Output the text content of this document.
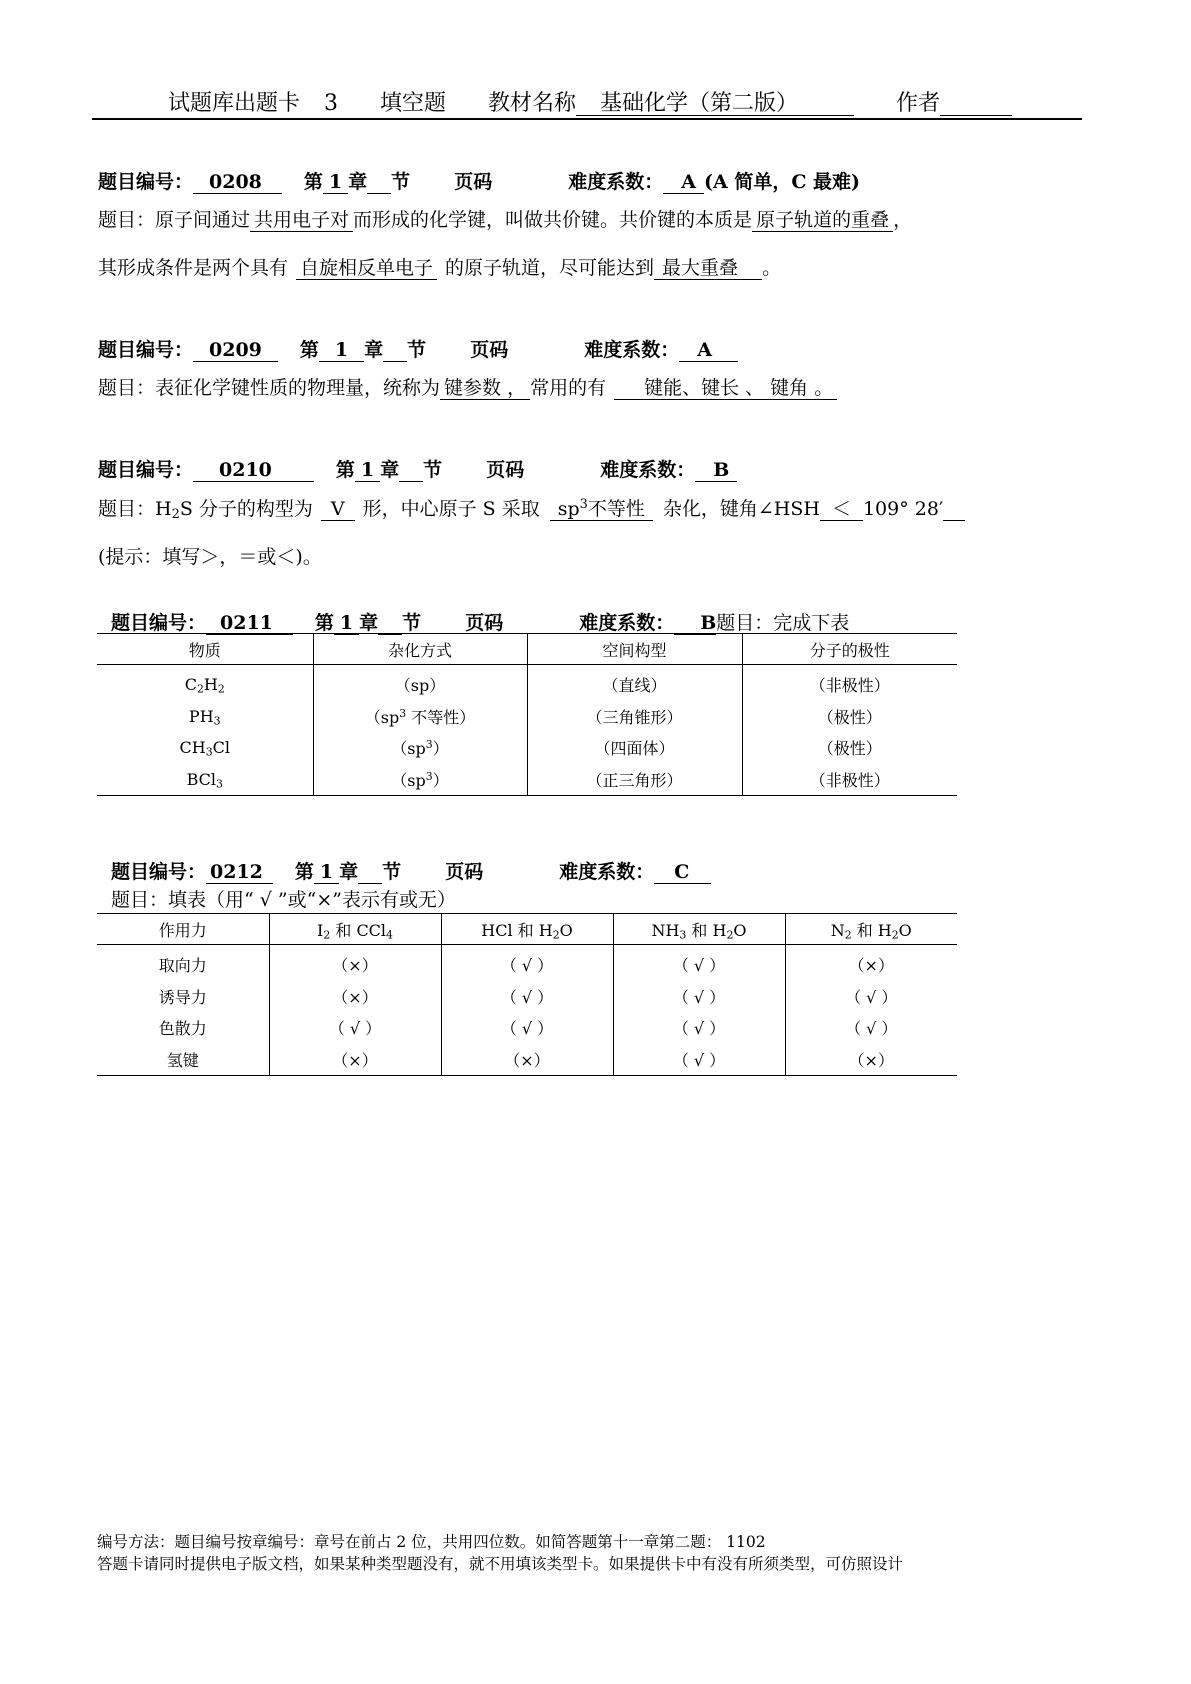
试题库出题卡 3 填空题 教材名称 基础化学（第二版）	作者
题目编号： 0208 第 1 章 节 页码	难度系数： A (A 简单，C 最难)
题目：原子间通过 共用电子对 而形成的化学键，叫做共价键。共价键的本质是 原子轨道的重叠 ，
其形成条件是两个具有 自旋相反单电子 的原子轨道，尽可能达到 最大重叠 。
题目编号： 0209 第 1 章 节 页码	难度系数： A
题目：表征化学键性质的物理量，统称为 键参数 ， 常用的有 键能、键长 、 键角 。
题目编号： 0210	第 1 章 节 页码	难度系数： B
题目：$H_2S$ 分子的构型为 V 形，中心原子 S 采取 $sp^3$不等性 杂化，键角∠HSH ＜ 109° 28′
(提示：填写＞，＝或＜)。
题目编号： 0211 第 1 章 节 页码	难度系数： B题目：完成下表
物质	杂化方式	空间构型	分子的极性
$C_2H_2$	（sp）	（直线）	（非极性）
$PH_3$	（$sp^3$ 不等性）	（三角锥形）	（极性）
$CH_3Cl$	$(sp^3)$	（四面体）	（极性）
BCl$_3$	$(sp^3)$	（正三角形）	（非极性）
题目编号： 0212 第 1 章 节 页码	难度系数： C
题目：填表（用“ √ ”或“×”表示有或无）
作用力	$I_2$ 和 CCl$_4$	HCl 和 $H_2O$	$NH_3$ 和 $H_2O$	$N_2$ 和 $H_2O$
取向力	（×）	（ √ ）	（ √ ）	（×）
诱导力	（×）	（ √ ）	（ √ ）	（ √ ）
色散力	（ √ ）	（ √ ）	（ √ ）	（ √ ）
氢键	（×）	（×）	（ √ ）	（×）
编号方法：题目编号按章编号：章号在前占 2 位，共用四位数。如简答题第十一章第二题： 1102
答题卡请同时提供电子版文档，如果某种类型题没有，就不用填该类型卡。如果提供卡中有没有所须类型，可仿照设计
